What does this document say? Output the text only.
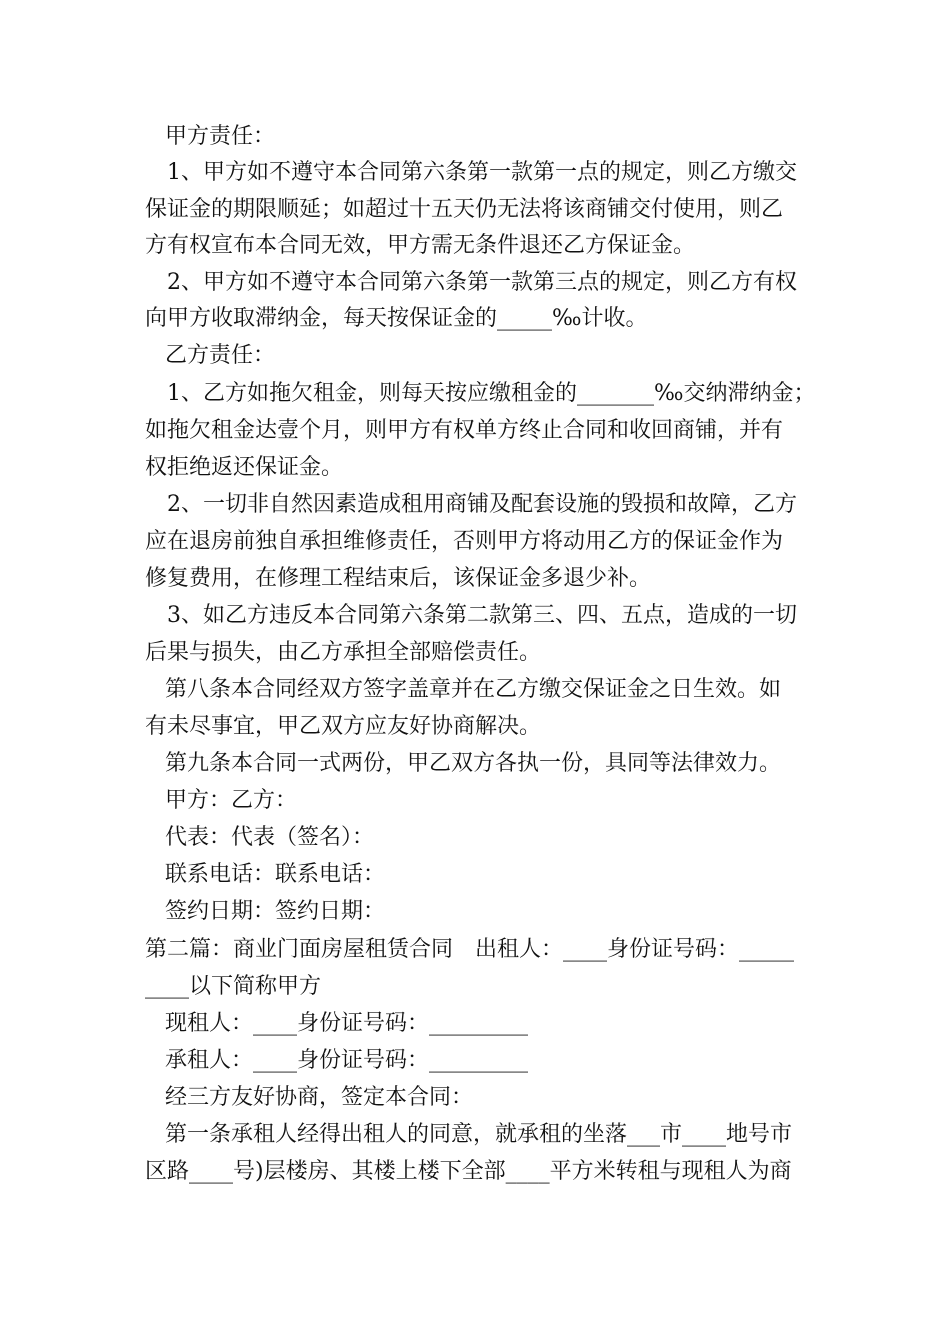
甲方责任：
1、甲方如不遵守本合同第六条第一款第一点的规定，则乙方缴交
保证金的期限顺延；如超过十五天仍无法将该商铺交付使用，则乙
方有权宣布本合同无效，甲方需无条件退还乙方保证金。
2、甲方如不遵守本合同第六条第一款第三点的规定，则乙方有权
向甲方收取滞纳金，每天按保证金的_____‰计收。
乙方责任：
1、乙方如拖欠租金，则每天按应缴租金的_______‰交纳滞纳金；
如拖欠租金达壹个月，则甲方有权单方终止合同和收回商铺，并有
权拒绝返还保证金。
2、一切非自然因素造成租用商铺及配套设施的毁损和故障，乙方
应在退房前独自承担维修责任，否则甲方将动用乙方的保证金作为
修复费用，在修理工程结束后，该保证金多退少补。
3、如乙方违反本合同第六条第二款第三、四、五点，造成的一切
后果与损失，由乙方承担全部赔偿责任。
第八条本合同经双方签字盖章并在乙方缴交保证金之日生效。如
有未尽事宜，甲乙双方应友好协商解决。
第九条本合同一式两份，甲乙双方各执一份，具同等法律效力。
甲方：乙方：
代表：代表（签名）：
联系电话：联系电话：
签约日期：签约日期：
第二篇：商业门面房屋租赁合同　出租人：____身份证号码：_____
____以下简称甲方
现租人：____身份证号码：_________
承租人：____身份证号码：_________
经三方友好协商，签定本合同：
第一条承租人经得出租人的同意，就承租的坐落___市____地号市
区路____号)层楼房、其楼上楼下全部____平方米转租与现租人为商
